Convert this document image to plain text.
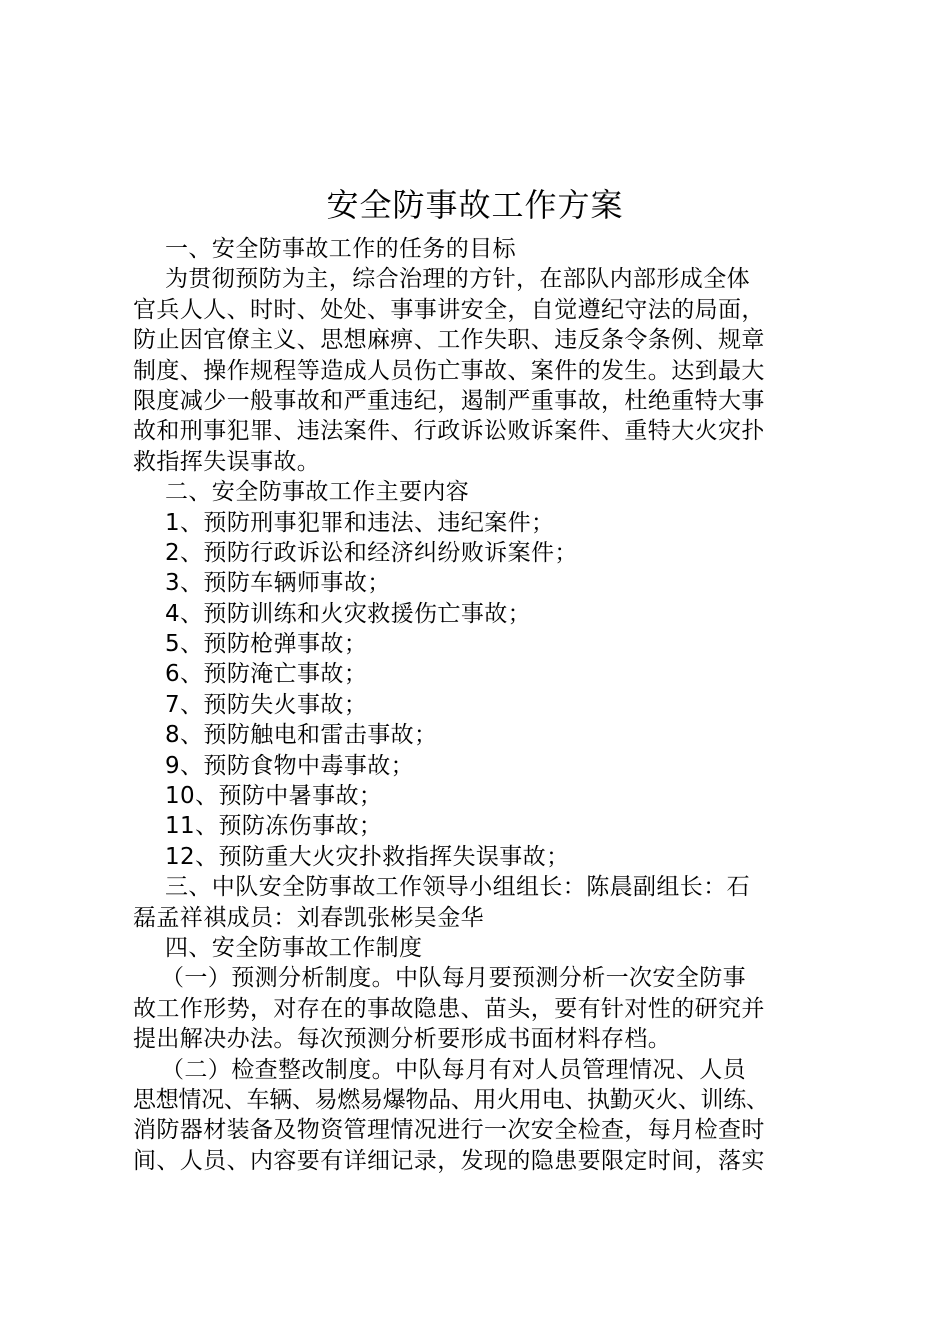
安全防事故工作方案
一、安全防事故工作的任务的目标
为贯彻预防为主，综合治理的方针，在部队内部形成全体
官兵人人、时时、处处、事事讲安全，自觉遵纪守法的局面，
防止因官僚主义、思想麻痹、工作失职、违反条令条例、规章
制度、操作规程等造成人员伤亡事故、案件的发生。达到最大
限度减少一般事故和严重违纪，遏制严重事故，杜绝重特大事
故和刑事犯罪、违法案件、行政诉讼败诉案件、重特大火灾扑
救指挥失误事故。
二、安全防事故工作主要内容
1、预防刑事犯罪和违法、违纪案件；
2、预防行政诉讼和经济纠纷败诉案件；
3、预防车辆师事故；
4、预防训练和火灾救援伤亡事故；
5、预防枪弹事故；
6、预防淹亡事故；
7、预防失火事故；
8、预防触电和雷击事故；
9、预防食物中毒事故；
10、预防中暑事故；
11、预防冻伤事故；
12、预防重大火灾扑救指挥失误事故；
三、中队安全防事故工作领导小组组长：陈晨副组长：石
磊孟祥祺成员：刘春凯张彬吴金华
四、安全防事故工作制度
（一）预测分析制度。中队每月要预测分析一次安全防事
故工作形势，对存在的事故隐患、苗头，要有针对性的研究并
提出解决办法。每次预测分析要形成书面材料存档。
（二）检查整改制度。中队每月有对人员管理情况、人员
思想情况、车辆、易燃易爆物品、用火用电、执勤灭火、训练、
消防器材装备及物资管理情况进行一次安全检查，每月检查时
间、人员、内容要有详细记录，发现的隐患要限定时间，落实
